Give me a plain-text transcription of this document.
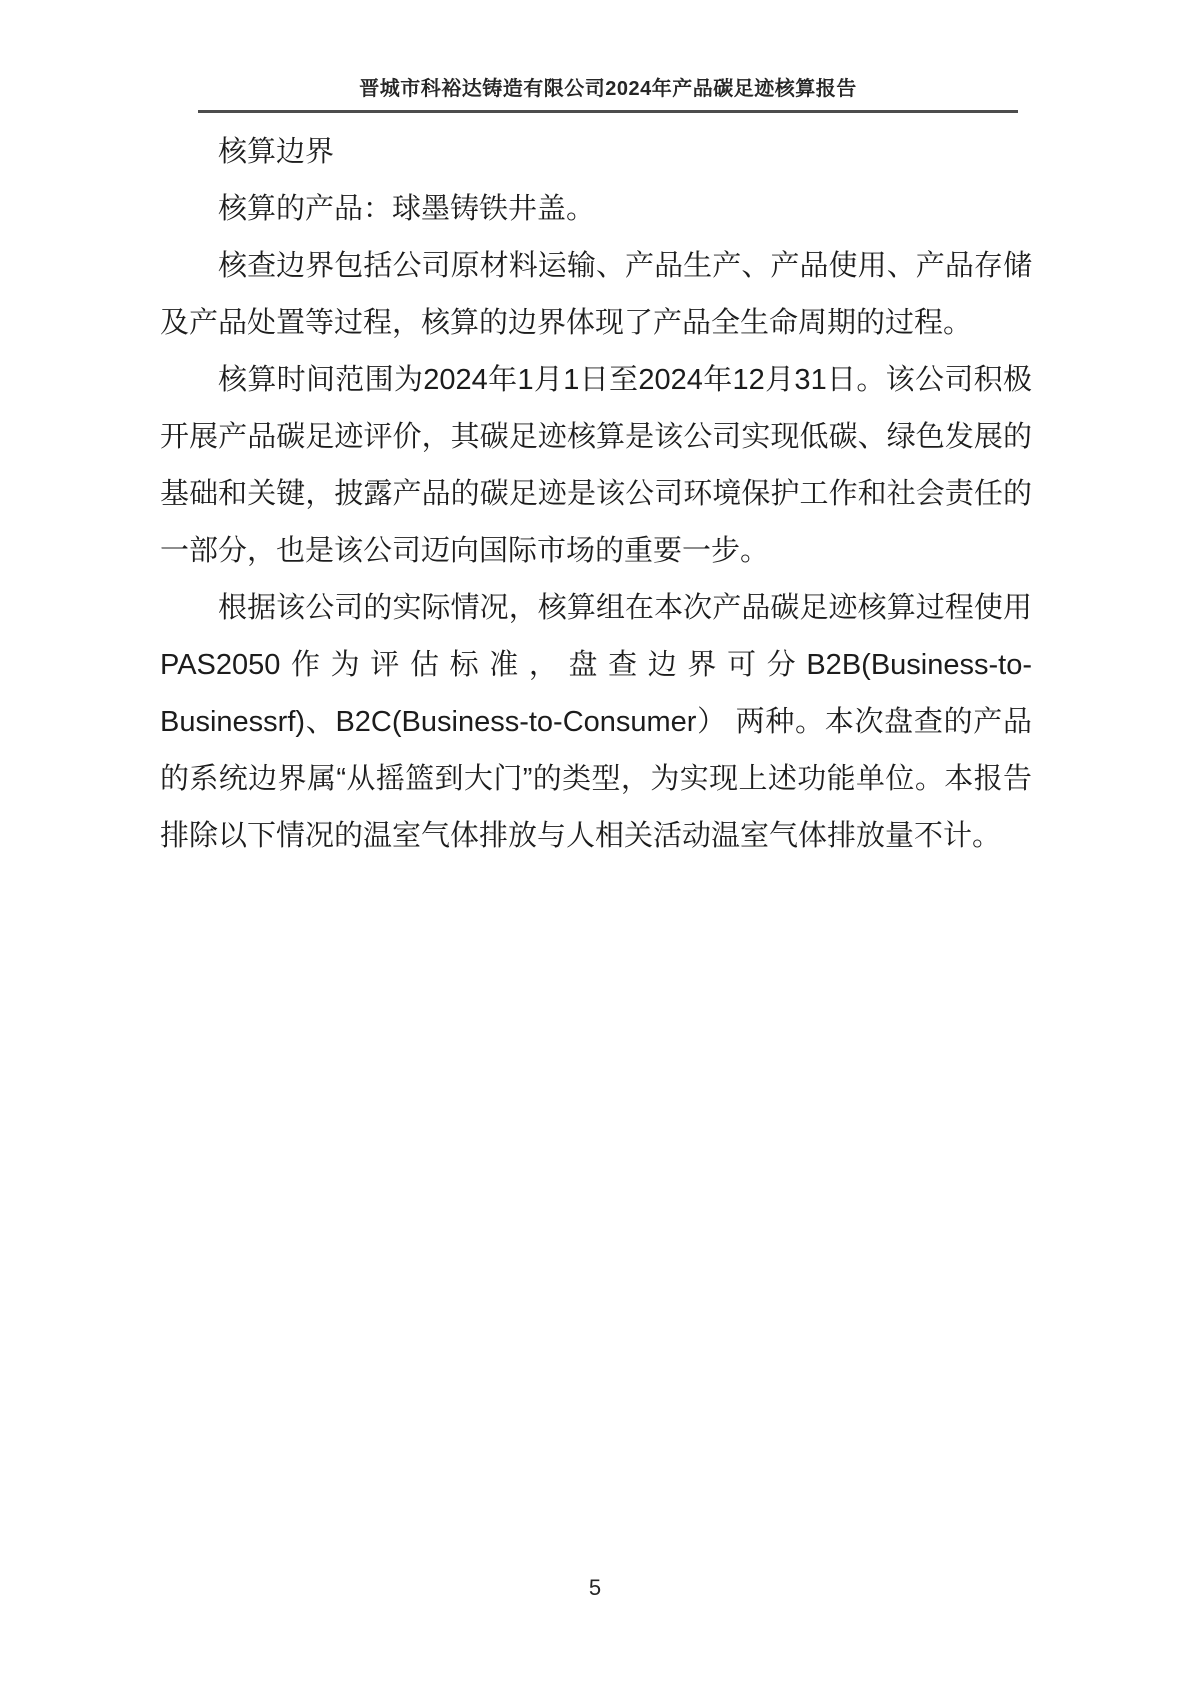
晋城市科裕达铸造有限公司2024年产品碳足迹核算报告

核算边界

核算的产品：球墨铸铁井盖。

核查边界包括公司原材料运输、产品生产、产品使用、产品存储及产品处置等过程，核算的边界体现了产品全生命周期的过程。

核算时间范围为2024年1月1日至2024年12月31日。该公司积极开展产品碳足迹评价，其碳足迹核算是该公司实现低碳、绿色发展的基础和关键，披露产品的碳足迹是该公司环境保护工作和社会责任的一部分，也是该公司迈向国际市场的重要一步。

根据该公司的实际情况，核算组在本次产品碳足迹核算过程使用PAS2050作为评估标准，盘查边界可分B2B(Business-to-Businessrf)、B2C(Business-to-Consumer） 两种。本次盘查的产品的系统边界属“从摇篮到大门”的类型，为实现上述功能单位。本报告排除以下情况的温室气体排放与人相关活动温室气体排放量不计。

5
